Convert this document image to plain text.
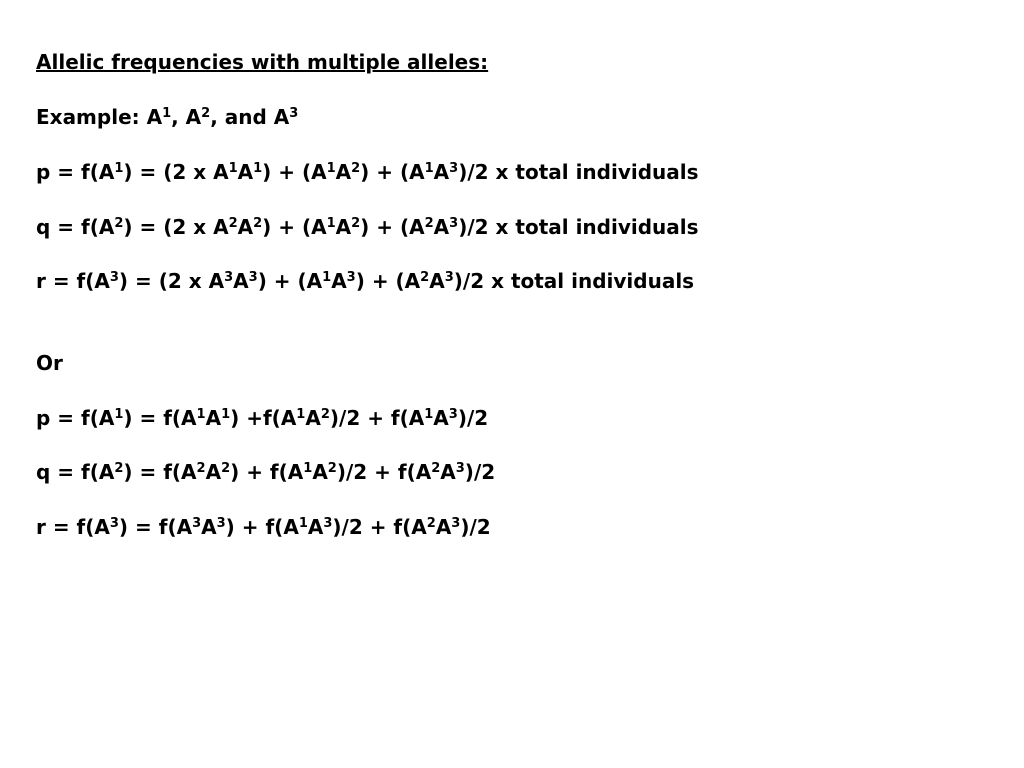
Allelic frequencies with multiple alleles:
Example: $A^1$, $A^2$, and $A^3$
$p = f(A^1) = (2$ x $A^1A^1) + (A^1A^2) + (A^1A^3)/2$ x total individuals
$q = f(A^2) = (2$ x $A^2A^2) + (A^1A^2) + (A^2A^3)/2$ x total individuals
$r = f(A^3) = (2$ x $A^3A^3) + (A^1A^3) + (A^2A^3)/2$ x total individuals
Or
$p = f(A^1) = f(A^1A^1) +f(A^1A^2)/2 + f(A^1A^3)/2$
$q = f(A^2) = f(A^2A^2) + f(A^1A^2)/2 + f(A^2A^3)/2$
$r = f(A^3) = f(A^3A^3) + f(A^1A^3)/2 + f(A^2A^3)/2$
